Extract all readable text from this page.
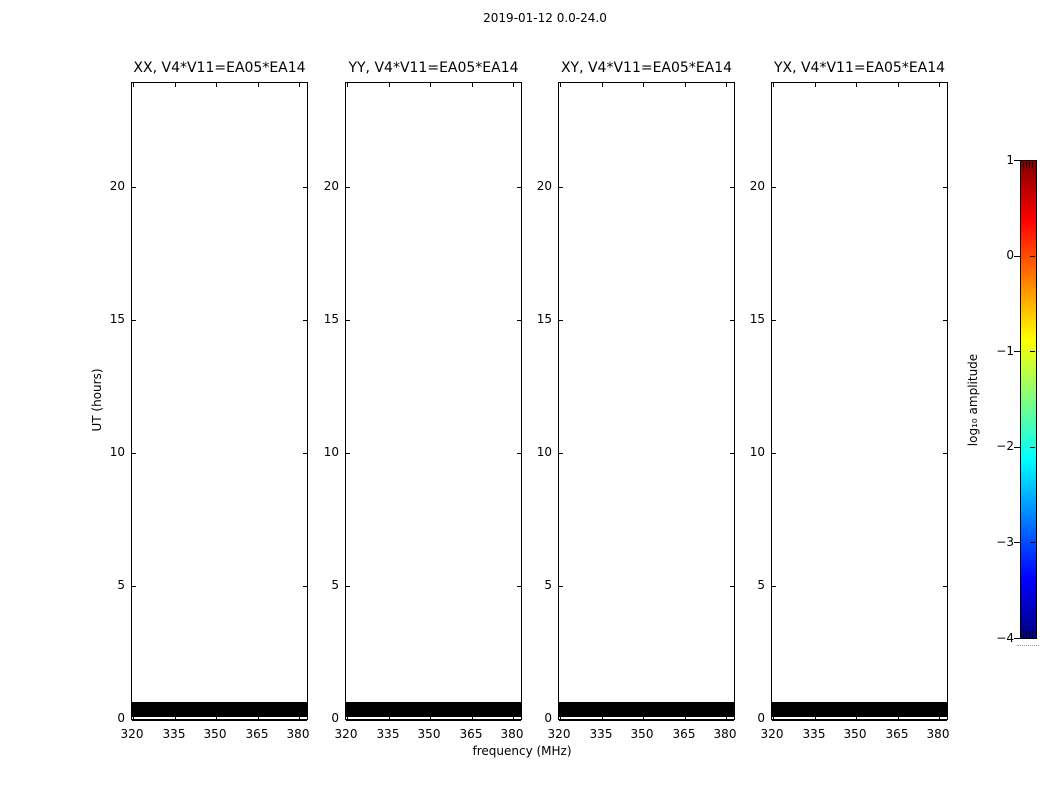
2019-01-12 0.0-24.0
XX, V4*V11=EA05*EA14
0
5
10
15
20
320	335	350	365	380
YY, V4*V11=EA05*EA14
0
5
10
15
20
320	335	350	365	380
XY, V4*V11=EA05*EA14
0
5
10
15
20
320	335	350	365	380
YX, V4*V11=EA05*EA14
0
5
10
15
20
320	335	350	365	380
UT (hours)
frequency (MHz)
1
0
−1
−2
−3
−4
log₁₀ amplitude
